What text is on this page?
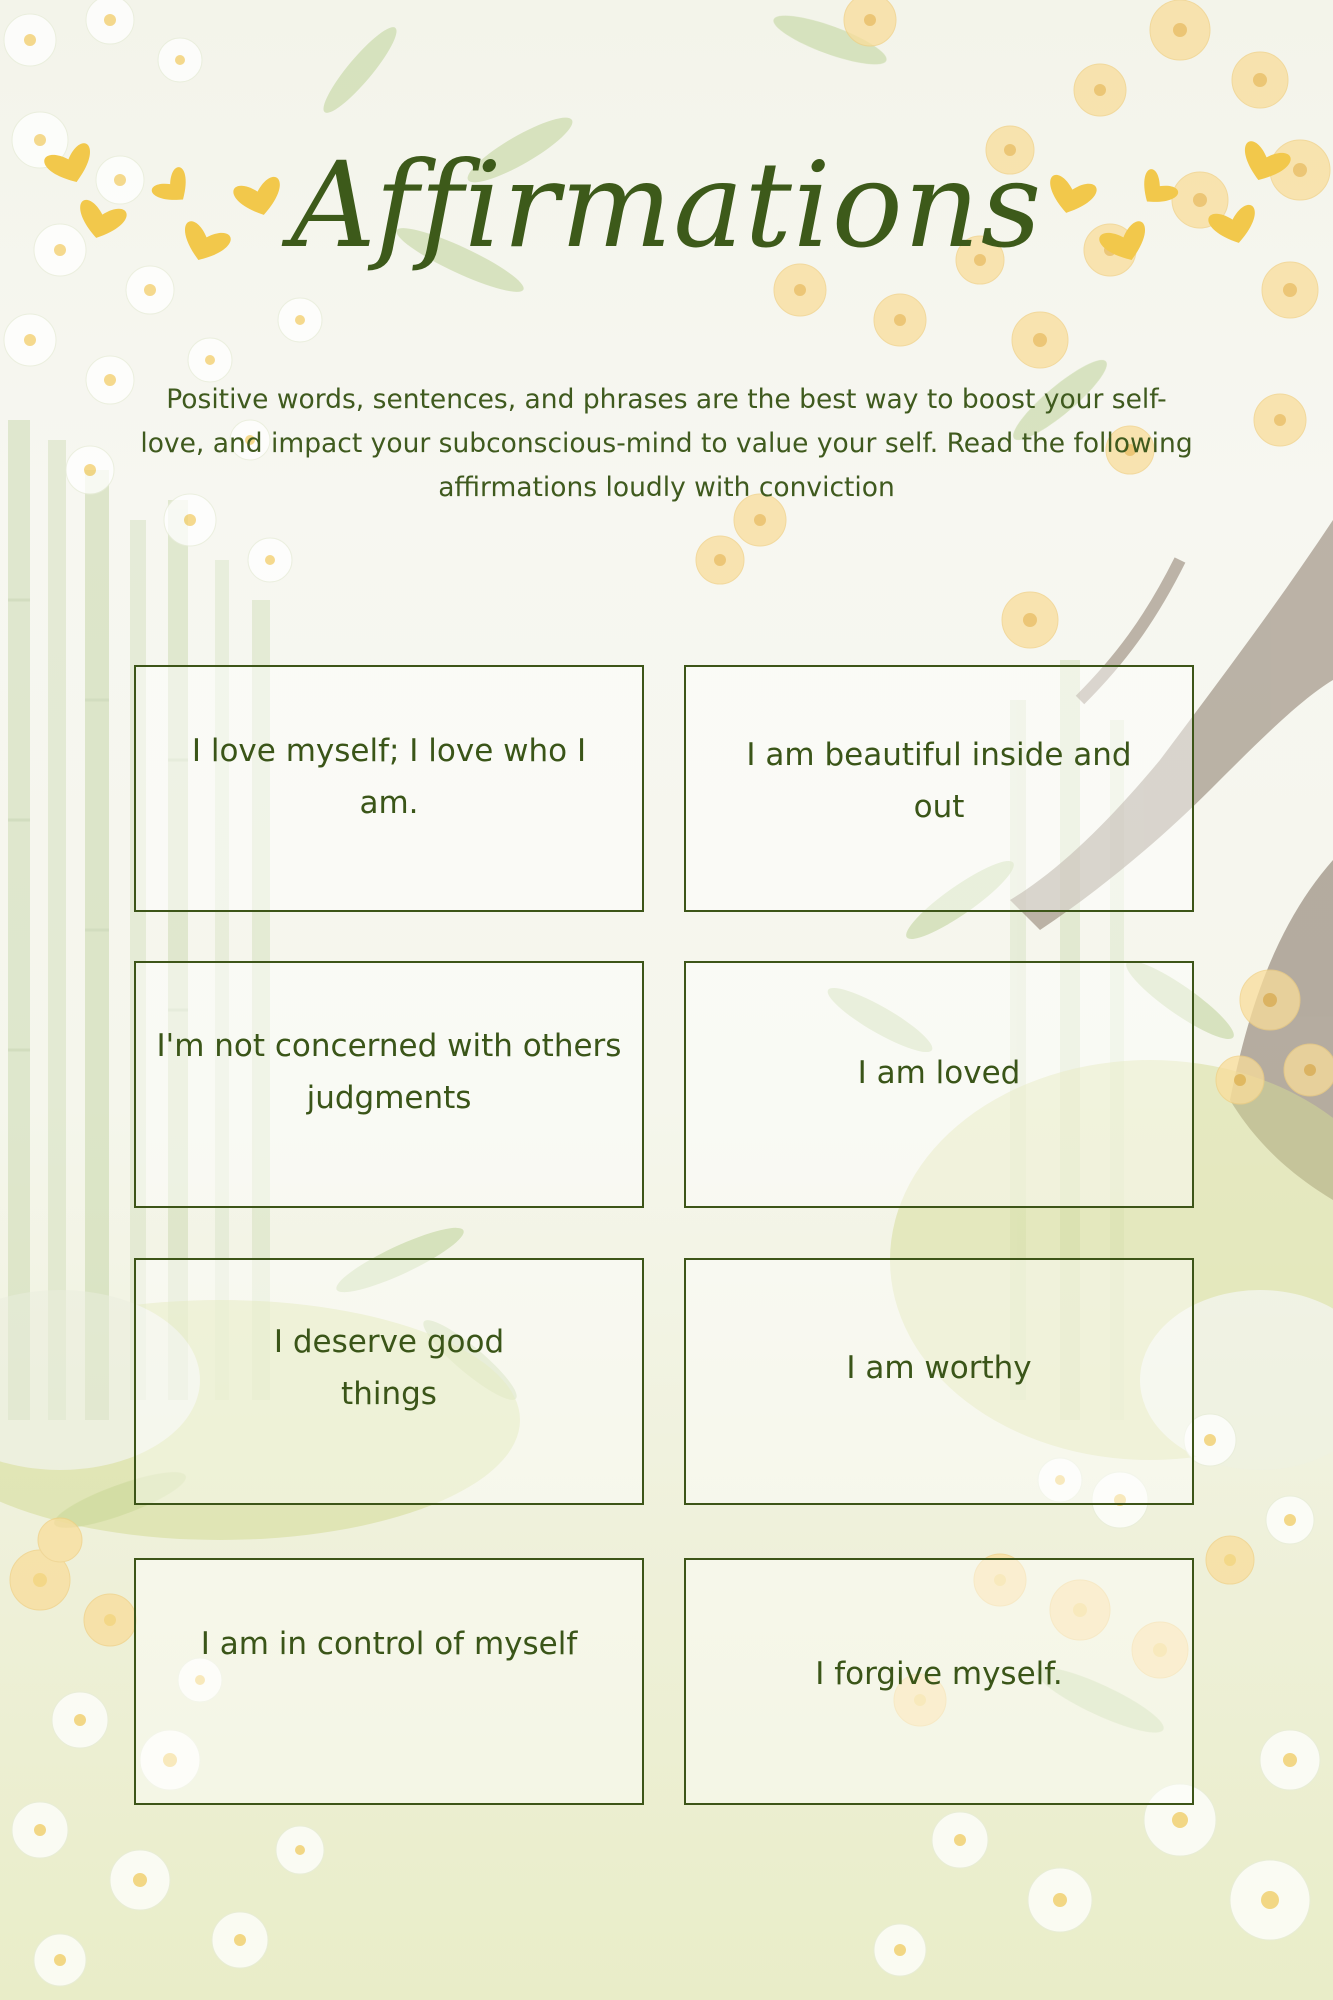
Affirmations
Positive words, sentences, and phrases are the best way to boost your self-love, and impact your subconscious-mind to value your self. Read the following affirmations loudly with conviction
I love myself; I love who I am.
I am beautiful inside and out
I'm not concerned with others judgments
I am loved
I deserve good things
I am worthy
I am in control of myself
I forgive myself.
